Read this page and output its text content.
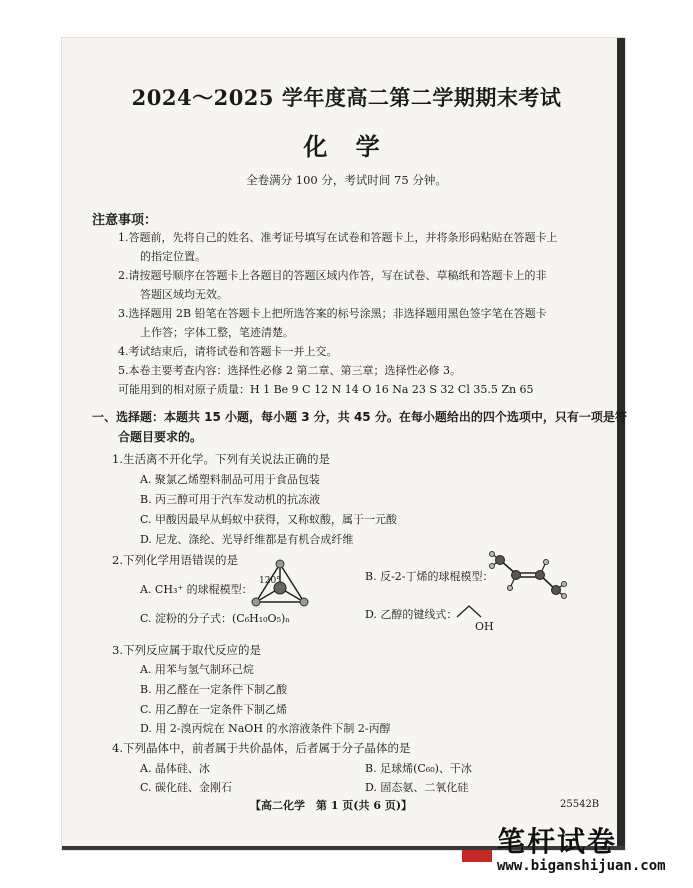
2024～2025 学年度高二第二学期期末考试
化 学
全卷满分 100 分，考试时间 75 分钟。
注意事项：
1.答题前，先将自己的姓名、准考证号填写在试卷和答题卡上，并将条形码粘贴在答题卡上
的指定位置。
2.请按题号顺序在答题卡上各题目的答题区域内作答，写在试卷、草稿纸和答题卡上的非
答题区域均无效。
3.选择题用 2B 铅笔在答题卡上把所选答案的标号涂黑；非选择题用黑色签字笔在答题卡
上作答；字体工整，笔迹清楚。
4.考试结束后，请将试卷和答题卡一并上交。
5.本卷主要考查内容：选择性必修 2 第二章、第三章；选择性必修 3。
可能用到的相对原子质量：H 1 Be 9 C 12 N 14 O 16 Na 23 S 32 Cl 35.5 Zn 65
一、选择题：本题共 15 小题，每小题 3 分，共 45 分。在每小题给出的四个选项中，只有一项是符
合题目要求的。
1.生活离不开化学。下列有关说法正确的是
A. 聚氯乙烯塑料制品可用于食品包装
B. 丙三醇可用于汽车发动机的抗冻液
C. 甲酸因最早从蚂蚁中获得，又称蚁酸，属于一元酸
D. 尼龙、涤纶、光导纤维都是有机合成纤维
2.下列化学用语错误的是
A. CH₃⁺ 的球棍模型：
120°	B. 反-2-丁烯的球棍模型：
C. 淀粉的分子式：(C₆H₁₀O₅)ₙ	D. 乙醇的键线式：
OH
3.下列反应属于取代反应的是
A. 用苯与氢气制环己烷
B. 用乙醛在一定条件下制乙酸
C. 用乙醇在一定条件下制乙烯
D. 用 2-溴丙烷在 NaOH 的水溶液条件下制 2-丙醇
4.下列晶体中，前者属于共价晶体，后者属于分子晶体的是
A. 晶体硅、冰	B. 足球烯(C₆₀)、干冰
C. 碳化硅、金刚石	D. 固态氨、二氧化硅
【高二化学　第 1 页(共 6 页)】	25542B
笔杆试卷
www.biganshijuan.com
